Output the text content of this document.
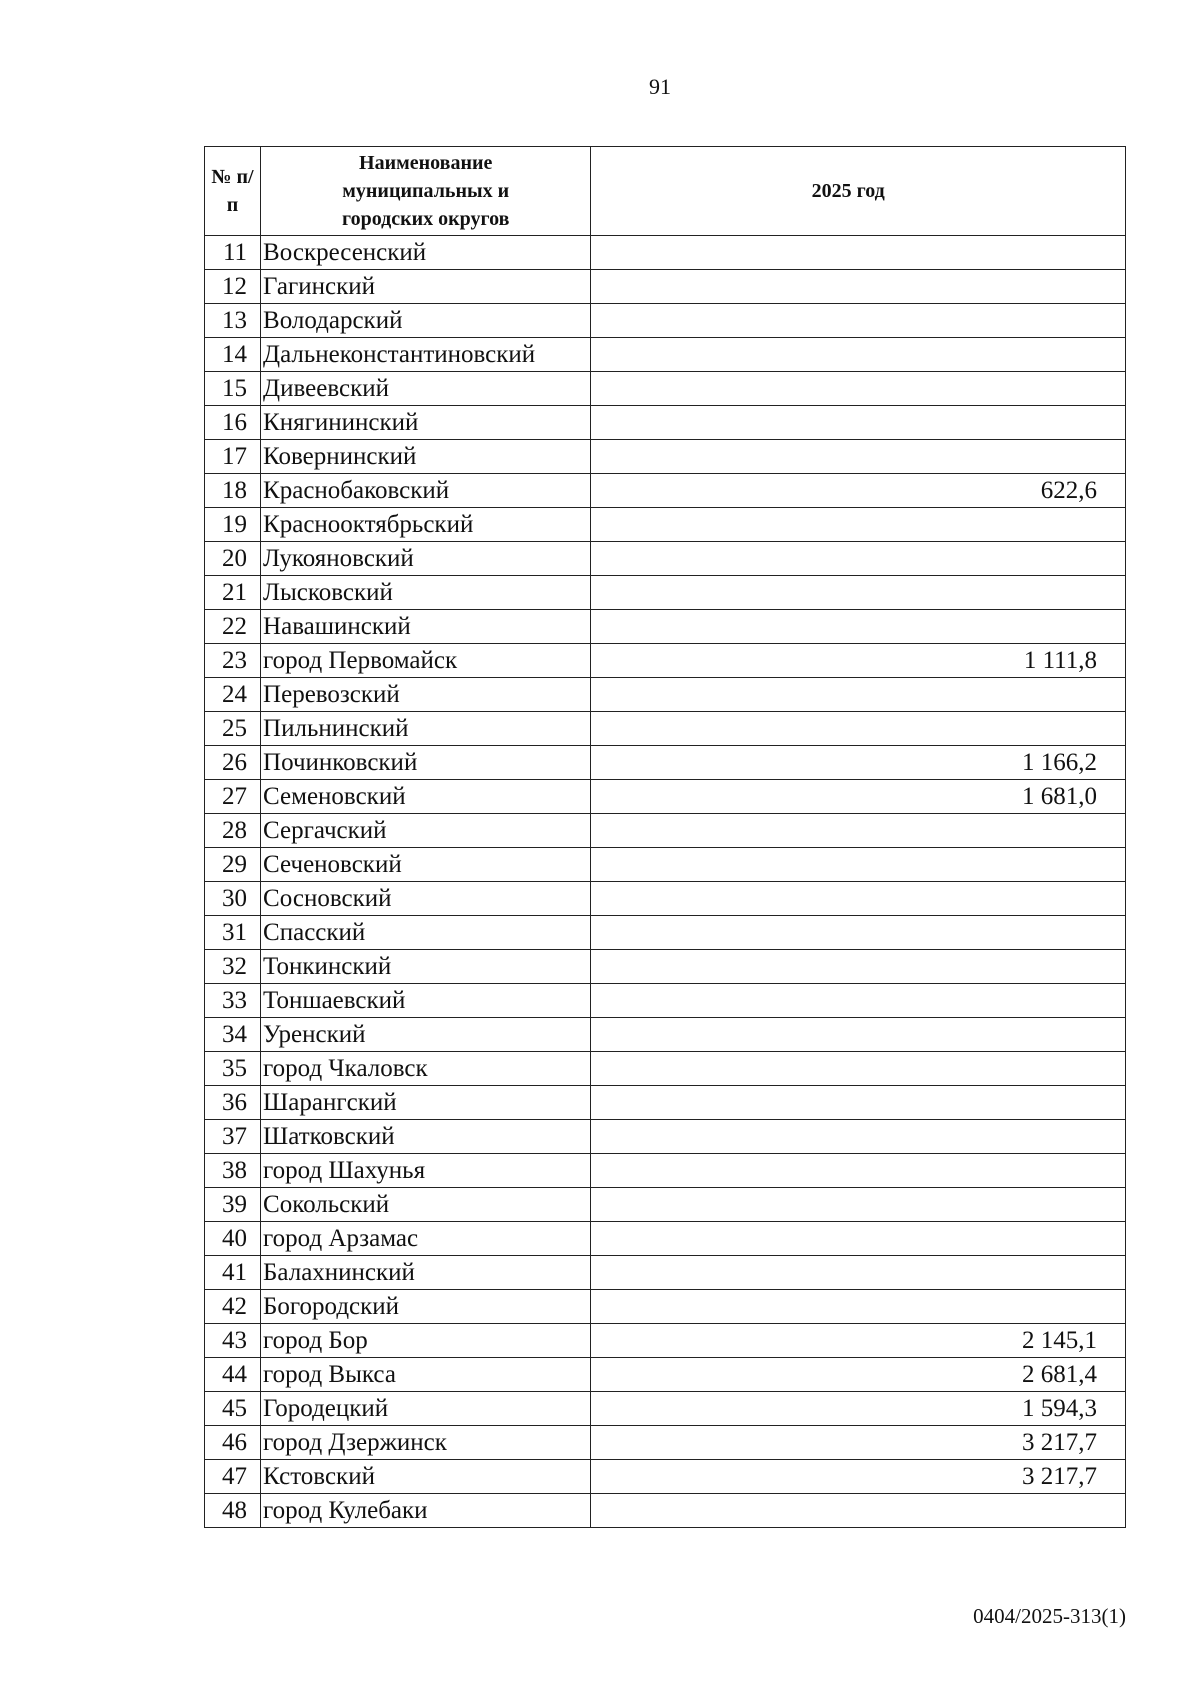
91
№ п/п	Наименование муниципальных и городских округов	2025 год
11	Воскресенский	
12	Гагинский	
13	Володарский	
14	Дальнеконстантиновский	
15	Дивеевский	
16	Княгининский	
17	Ковернинский	
18	Краснобаковский	622,6
19	Краснооктябрьский	
20	Лукояновский	
21	Лысковский	
22	Навашинский	
23	город Первомайск	1 111,8
24	Перевозский	
25	Пильнинский	
26	Починковский	1 166,2
27	Семеновский	1 681,0
28	Сергачский	
29	Сеченовский	
30	Сосновский	
31	Спасский	
32	Тонкинский	
33	Тоншаевский	
34	Уренский	
35	город Чкаловск	
36	Шарангский	
37	Шатковский	
38	город Шахунья	
39	Сокольский	
40	город Арзамас	
41	Балахнинский	
42	Богородский	
43	город Бор	2 145,1
44	город Выкса	2 681,4
45	Городецкий	1 594,3
46	город Дзержинск	3 217,7
47	Кстовский	3 217,7
48	город Кулебаки	
0404/2025-313(1)
